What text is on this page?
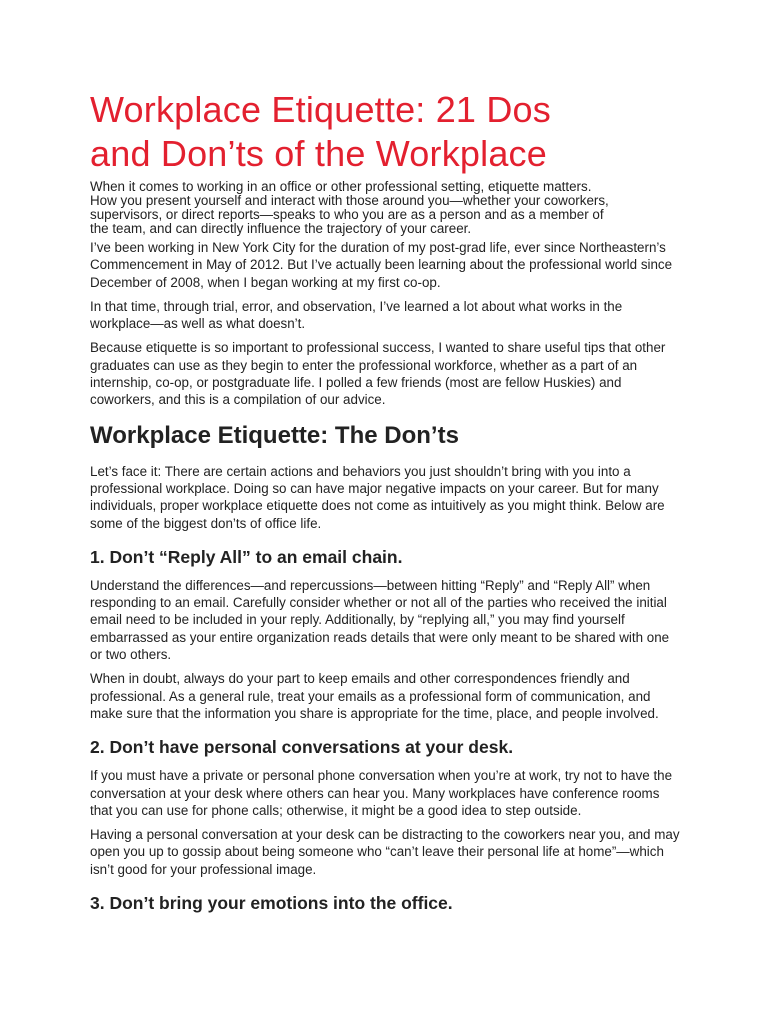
Workplace Etiquette: 21 Dos
and Don’ts of the Workplace

When it comes to working in an office or other professional setting, etiquette matters.
How you present yourself and interact with those around you—whether your coworkers,
supervisors, or direct reports—speaks to who you are as a person and as a member of
the team, and can directly influence the trajectory of your career.

I’ve been working in New York City for the duration of my post-grad life, ever since Northeastern’s Commencement in May of 2012. But I’ve actually been learning about the professional world since December of 2008, when I began working at my first co-op.

In that time, through trial, error, and observation, I’ve learned a lot about what works in the workplace—as well as what doesn’t.

Because etiquette is so important to professional success, I wanted to share useful tips that other graduates can use as they begin to enter the professional workforce, whether as a part of an internship, co-op, or postgraduate life. I polled a few friends (most are fellow Huskies) and coworkers, and this is a compilation of our advice.

Workplace Etiquette: The Don’ts

Let’s face it: There are certain actions and behaviors you just shouldn’t bring with you into a professional workplace. Doing so can have major negative impacts on your career. But for many individuals, proper workplace etiquette does not come as intuitively as you might think. Below are some of the biggest don’ts of office life.

1. Don’t “Reply All” to an email chain.

Understand the differences—and repercussions—between hitting “Reply” and “Reply All” when responding to an email. Carefully consider whether or not all of the parties who received the initial email need to be included in your reply. Additionally, by “replying all,” you may find yourself embarrassed as your entire organization reads details that were only meant to be shared with one or two others.

When in doubt, always do your part to keep emails and other correspondences friendly and professional. As a general rule, treat your emails as a professional form of communication, and make sure that the information you share is appropriate for the time, place, and people involved.

2. Don’t have personal conversations at your desk.

If you must have a private or personal phone conversation when you’re at work, try not to have the conversation at your desk where others can hear you. Many workplaces have conference rooms that you can use for phone calls; otherwise, it might be a good idea to step outside.

Having a personal conversation at your desk can be distracting to the coworkers near you, and may open you up to gossip about being someone who “can’t leave their personal life at home”—which isn’t good for your professional image.

3. Don’t bring your emotions into the office.
